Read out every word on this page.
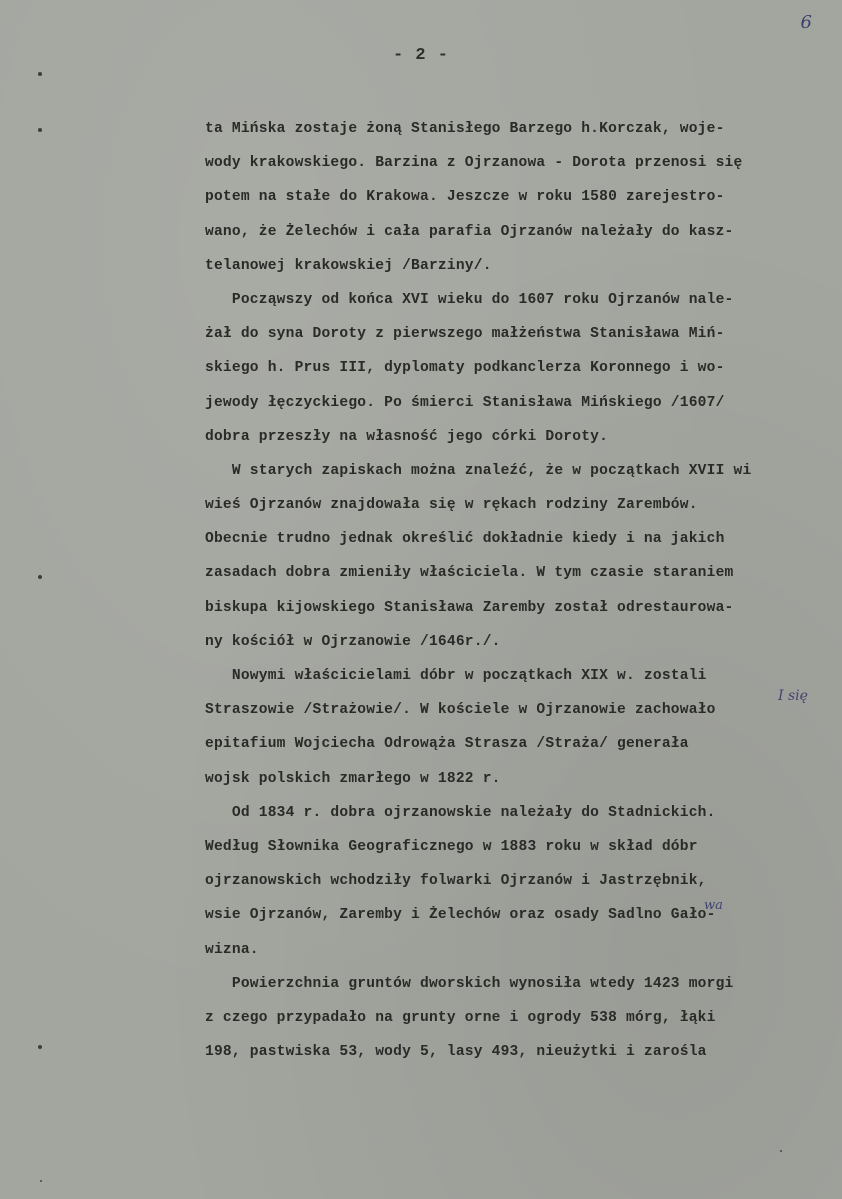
6
- 2 -
ta Mińska zostaje żoną Stanisłego Barzego h.Korczak, woje-
wody krakowskiego. Barzina z Ojrzanowa - Dorota przenosi się
potem na stałe do Krakowa. Jeszcze w roku 1580 zarejestro-
wano, że Żelechów i cała parafia Ojrzanów należały do kasz-
telanowej krakowskiej /Barziny/.
Począwszy od końca XVI wieku do 1607 roku Ojrzanów nale-
żał do syna Doroty z pierwszego małżeństwa Stanisława Miń-
skiego h. Prus III, dyplomaty podkanclerza Koronnego i wo-
jewody łęczyckiego. Po śmierci Stanisława Mińskiego /1607/
dobra przeszły na własność jego córki Doroty.
W starych zapiskach można znaleźć, że w początkach XVII wi
wieś Ojrzanów znajdowała się w rękach rodziny Zarembów.
Obecnie trudno jednak określić dokładnie kiedy i na jakich
zasadach dobra zmieniły właściciela. W tym czasie staraniem
biskupa kijowskiego Stanisława Zaremby został odrestaurowa-
ny kościół w Ojrzanowie /1646r./.
Nowymi właścicielami dóbr w początkach XIX w. zostali
Straszowie /Strażowie/. W kościele w Ojrzanowie zachowało
epitafium Wojciecha Odrowąża Strasza /Straża/ generała
wojsk polskich zmarłego w 1822 r.
Od 1834 r. dobra ojrzanowskie należały do Stadnickich.
Według Słownika Geograficznego w 1883 roku w skład dóbr
ojrzanowskich wchodziły folwarki Ojrzanów i Jastrzębnik,
wsie Ojrzanów, Zaremby i Żelechów oraz osady Sadlno Gało-
wizna.
Powierzchnia gruntów dworskich wynosiła wtedy 1423 morgi
z czego przypadało na grunty orne i ogrody 538 mórg, łąki
198, pastwiska 53, wody 5, lasy 493, nieużytki i zarośla
I się
wa
